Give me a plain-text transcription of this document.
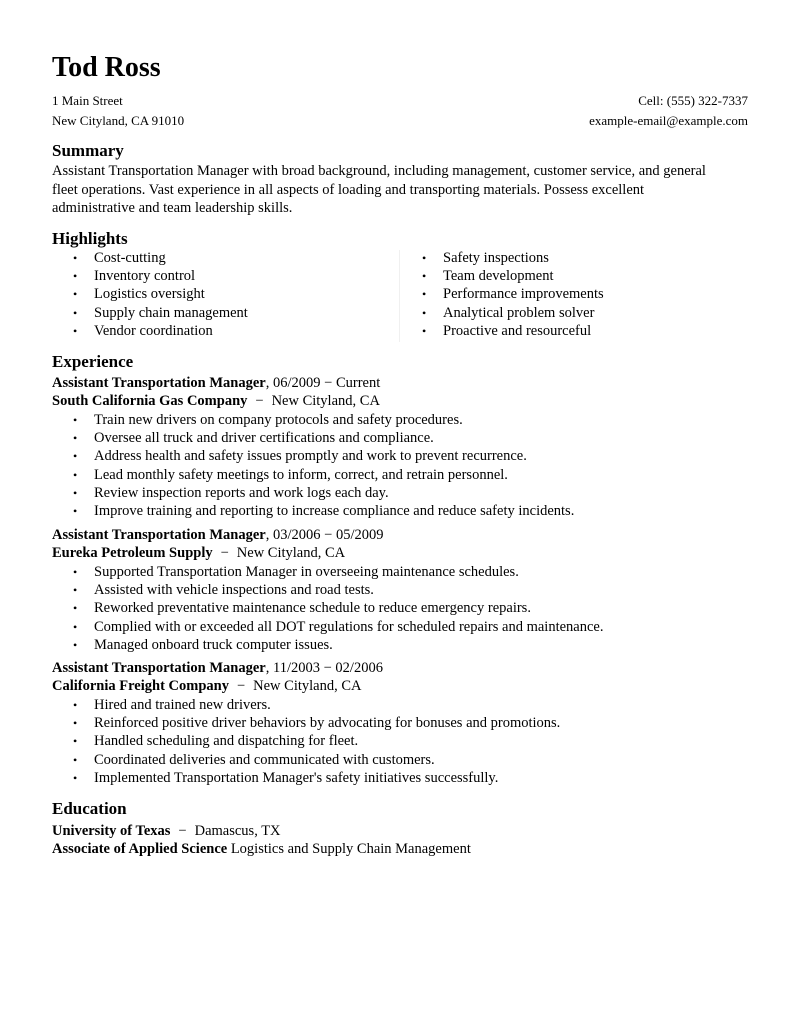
Tod Ross
1 Main Street	Cell: (555) 322-7337
New Cityland, CA 91010	example-email@example.com
Summary
Assistant Transportation Manager with broad background, including management, customer service, and general
fleet operations. Vast experience in all aspects of loading and transporting materials. Possess excellent
administrative and team leadership skills.
Highlights
• Cost-cutting
• Inventory control
• Logistics oversight
• Supply chain management
• Vendor coordination
• Safety inspections
• Team development
• Performance improvements
• Analytical problem solver
• Proactive and resourceful
Experience
Assistant Transportation Manager, 06/2009 − Current
South California Gas Company − New Cityland, CA
• Train new drivers on company protocols and safety procedures.
• Oversee all truck and driver certifications and compliance.
• Address health and safety issues promptly and work to prevent recurrence.
• Lead monthly safety meetings to inform, correct, and retrain personnel.
• Review inspection reports and work logs each day.
• Improve training and reporting to increase compliance and reduce safety incidents.
Assistant Transportation Manager, 03/2006 − 05/2009
Eureka Petroleum Supply − New Cityland, CA
• Supported Transportation Manager in overseeing maintenance schedules.
• Assisted with vehicle inspections and road tests.
• Reworked preventative maintenance schedule to reduce emergency repairs.
• Complied with or exceeded all DOT regulations for scheduled repairs and maintenance.
• Managed onboard truck computer issues.
Assistant Transportation Manager, 11/2003 − 02/2006
California Freight Company − New Cityland, CA
• Hired and trained new drivers.
• Reinforced positive driver behaviors by advocating for bonuses and promotions.
• Handled scheduling and dispatching for fleet.
• Coordinated deliveries and communicated with customers.
• Implemented Transportation Manager's safety initiatives successfully.
Education
University of Texas − Damascus, TX
Associate of Applied Science Logistics and Supply Chain Management
